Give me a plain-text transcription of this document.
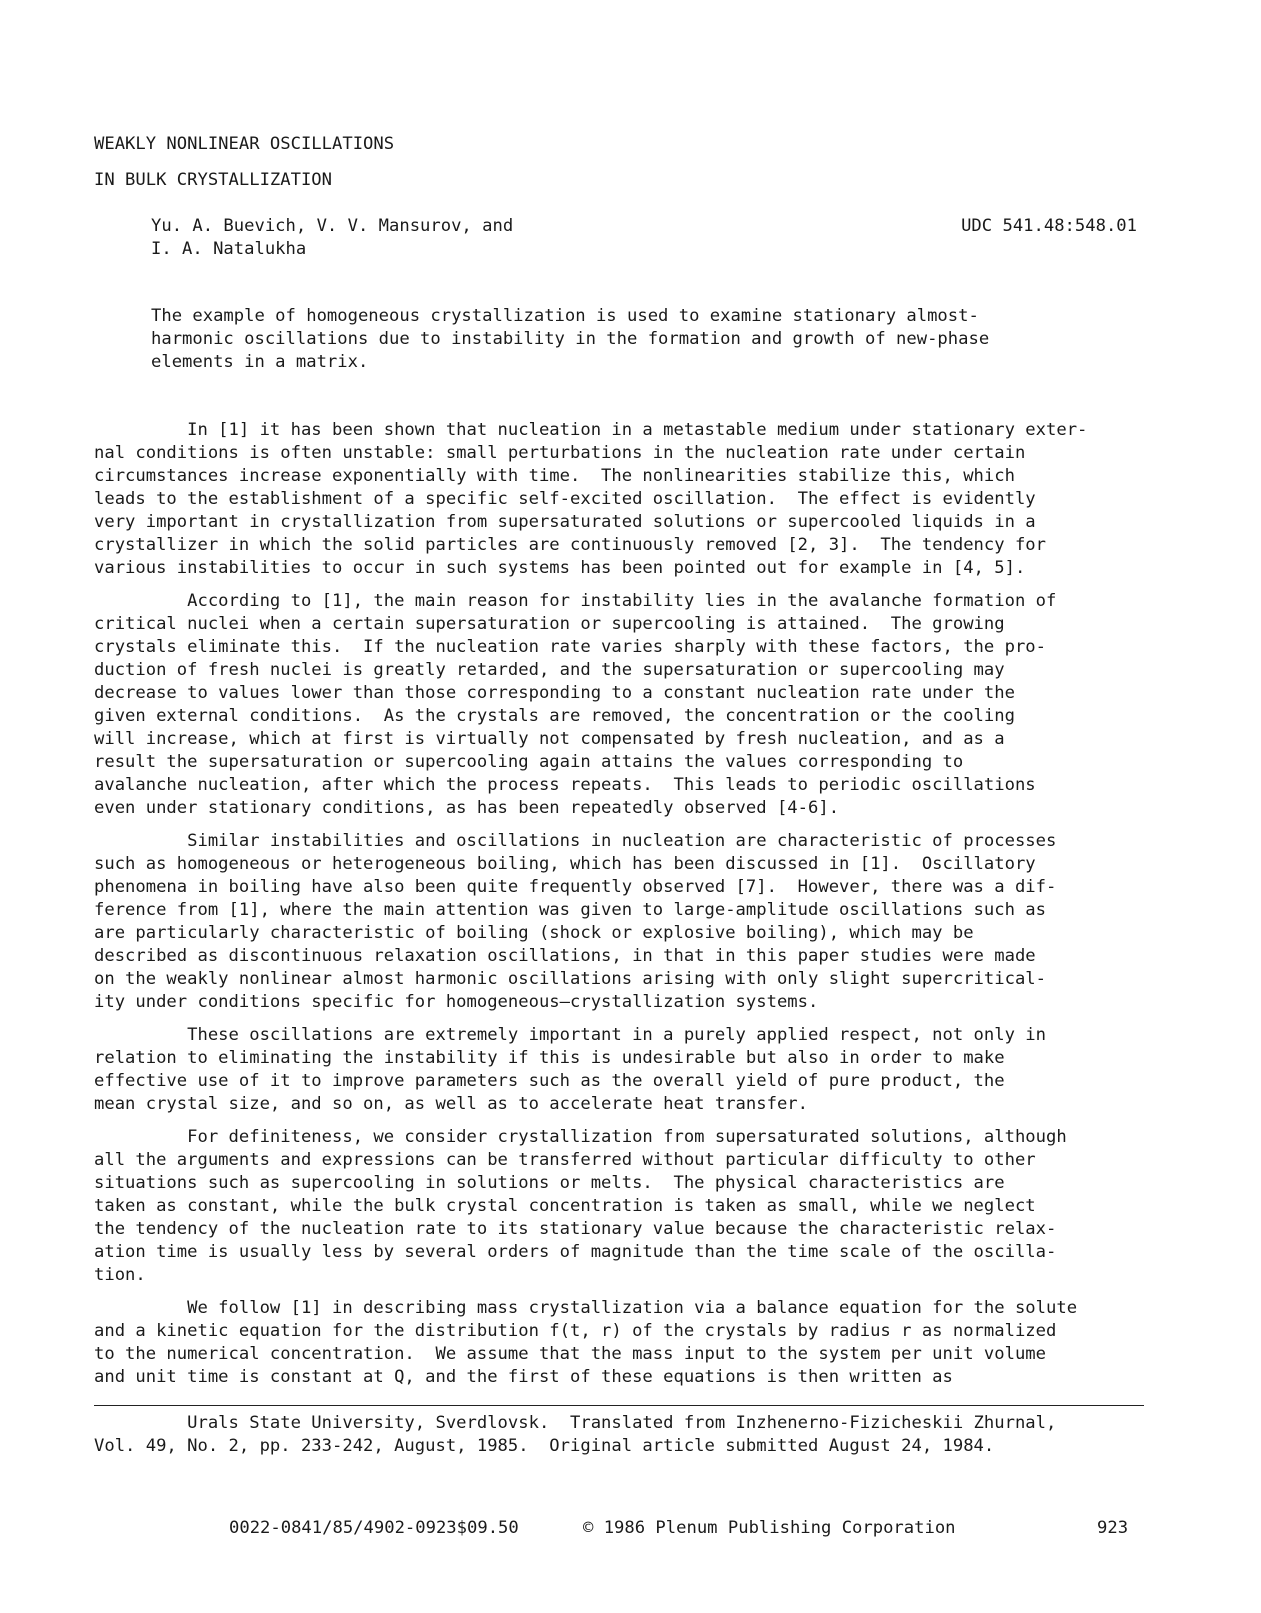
WEAKLY NONLINEAR OSCILLATIONS
IN BULK CRYSTALLIZATION
Yu. A. Buevich, V. V. Mansurov, and
I. A. Natalukha
UDC 541.48:548.01
The example of homogeneous crystallization is used to examine stationary almost-
harmonic oscillations due to instability in the formation and growth of new-phase
elements in a matrix.
In [1] it has been shown that nucleation in a metastable medium under stationary exter-
nal conditions is often unstable: small perturbations in the nucleation rate under certain
circumstances increase exponentially with time.  The nonlinearities stabilize this, which
leads to the establishment of a specific self-excited oscillation.  The effect is evidently
very important in crystallization from supersaturated solutions or supercooled liquids in a
crystallizer in which the solid particles are continuously removed [2, 3].  The tendency for
various instabilities to occur in such systems has been pointed out for example in [4, 5].
According to [1], the main reason for instability lies in the avalanche formation of
critical nuclei when a certain supersaturation or supercooling is attained.  The growing
crystals eliminate this.  If the nucleation rate varies sharply with these factors, the pro-
duction of fresh nuclei is greatly retarded, and the supersaturation or supercooling may
decrease to values lower than those corresponding to a constant nucleation rate under the
given external conditions.  As the crystals are removed, the concentration or the cooling
will increase, which at first is virtually not compensated by fresh nucleation, and as a
result the supersaturation or supercooling again attains the values corresponding to
avalanche nucleation, after which the process repeats.  This leads to periodic oscillations
even under stationary conditions, as has been repeatedly observed [4-6].
Similar instabilities and oscillations in nucleation are characteristic of processes
such as homogeneous or heterogeneous boiling, which has been discussed in [1].  Oscillatory
phenomena in boiling have also been quite frequently observed [7].  However, there was a dif-
ference from [1], where the main attention was given to large-amplitude oscillations such as
are particularly characteristic of boiling (shock or explosive boiling), which may be
described as discontinuous relaxation oscillations, in that in this paper studies were made
on the weakly nonlinear almost harmonic oscillations arising with only slight supercritical-
ity under conditions specific for homogeneous—crystallization systems.
These oscillations are extremely important in a purely applied respect, not only in
relation to eliminating the instability if this is undesirable but also in order to make
effective use of it to improve parameters such as the overall yield of pure product, the
mean crystal size, and so on, as well as to accelerate heat transfer.
For definiteness, we consider crystallization from supersaturated solutions, although
all the arguments and expressions can be transferred without particular difficulty to other
situations such as supercooling in solutions or melts.  The physical characteristics are
taken as constant, while the bulk crystal concentration is taken as small, while we neglect
the tendency of the nucleation rate to its stationary value because the characteristic relax-
ation time is usually less by several orders of magnitude than the time scale of the oscilla-
tion.
We follow [1] in describing mass crystallization via a balance equation for the solute
and a kinetic equation for the distribution f(t, r) of the crystals by radius r as normalized
to the numerical concentration.  We assume that the mass input to the system per unit volume
and unit time is constant at Q, and the first of these equations is then written as
Urals State University, Sverdlovsk.  Translated from Inzhenerno-Fizicheskii Zhurnal,
Vol. 49, No. 2, pp. 233-242, August, 1985.  Original article submitted August 24, 1984.
0022-0841/85/4902-0923$09.50	© 1986 Plenum Publishing Corporation	923
